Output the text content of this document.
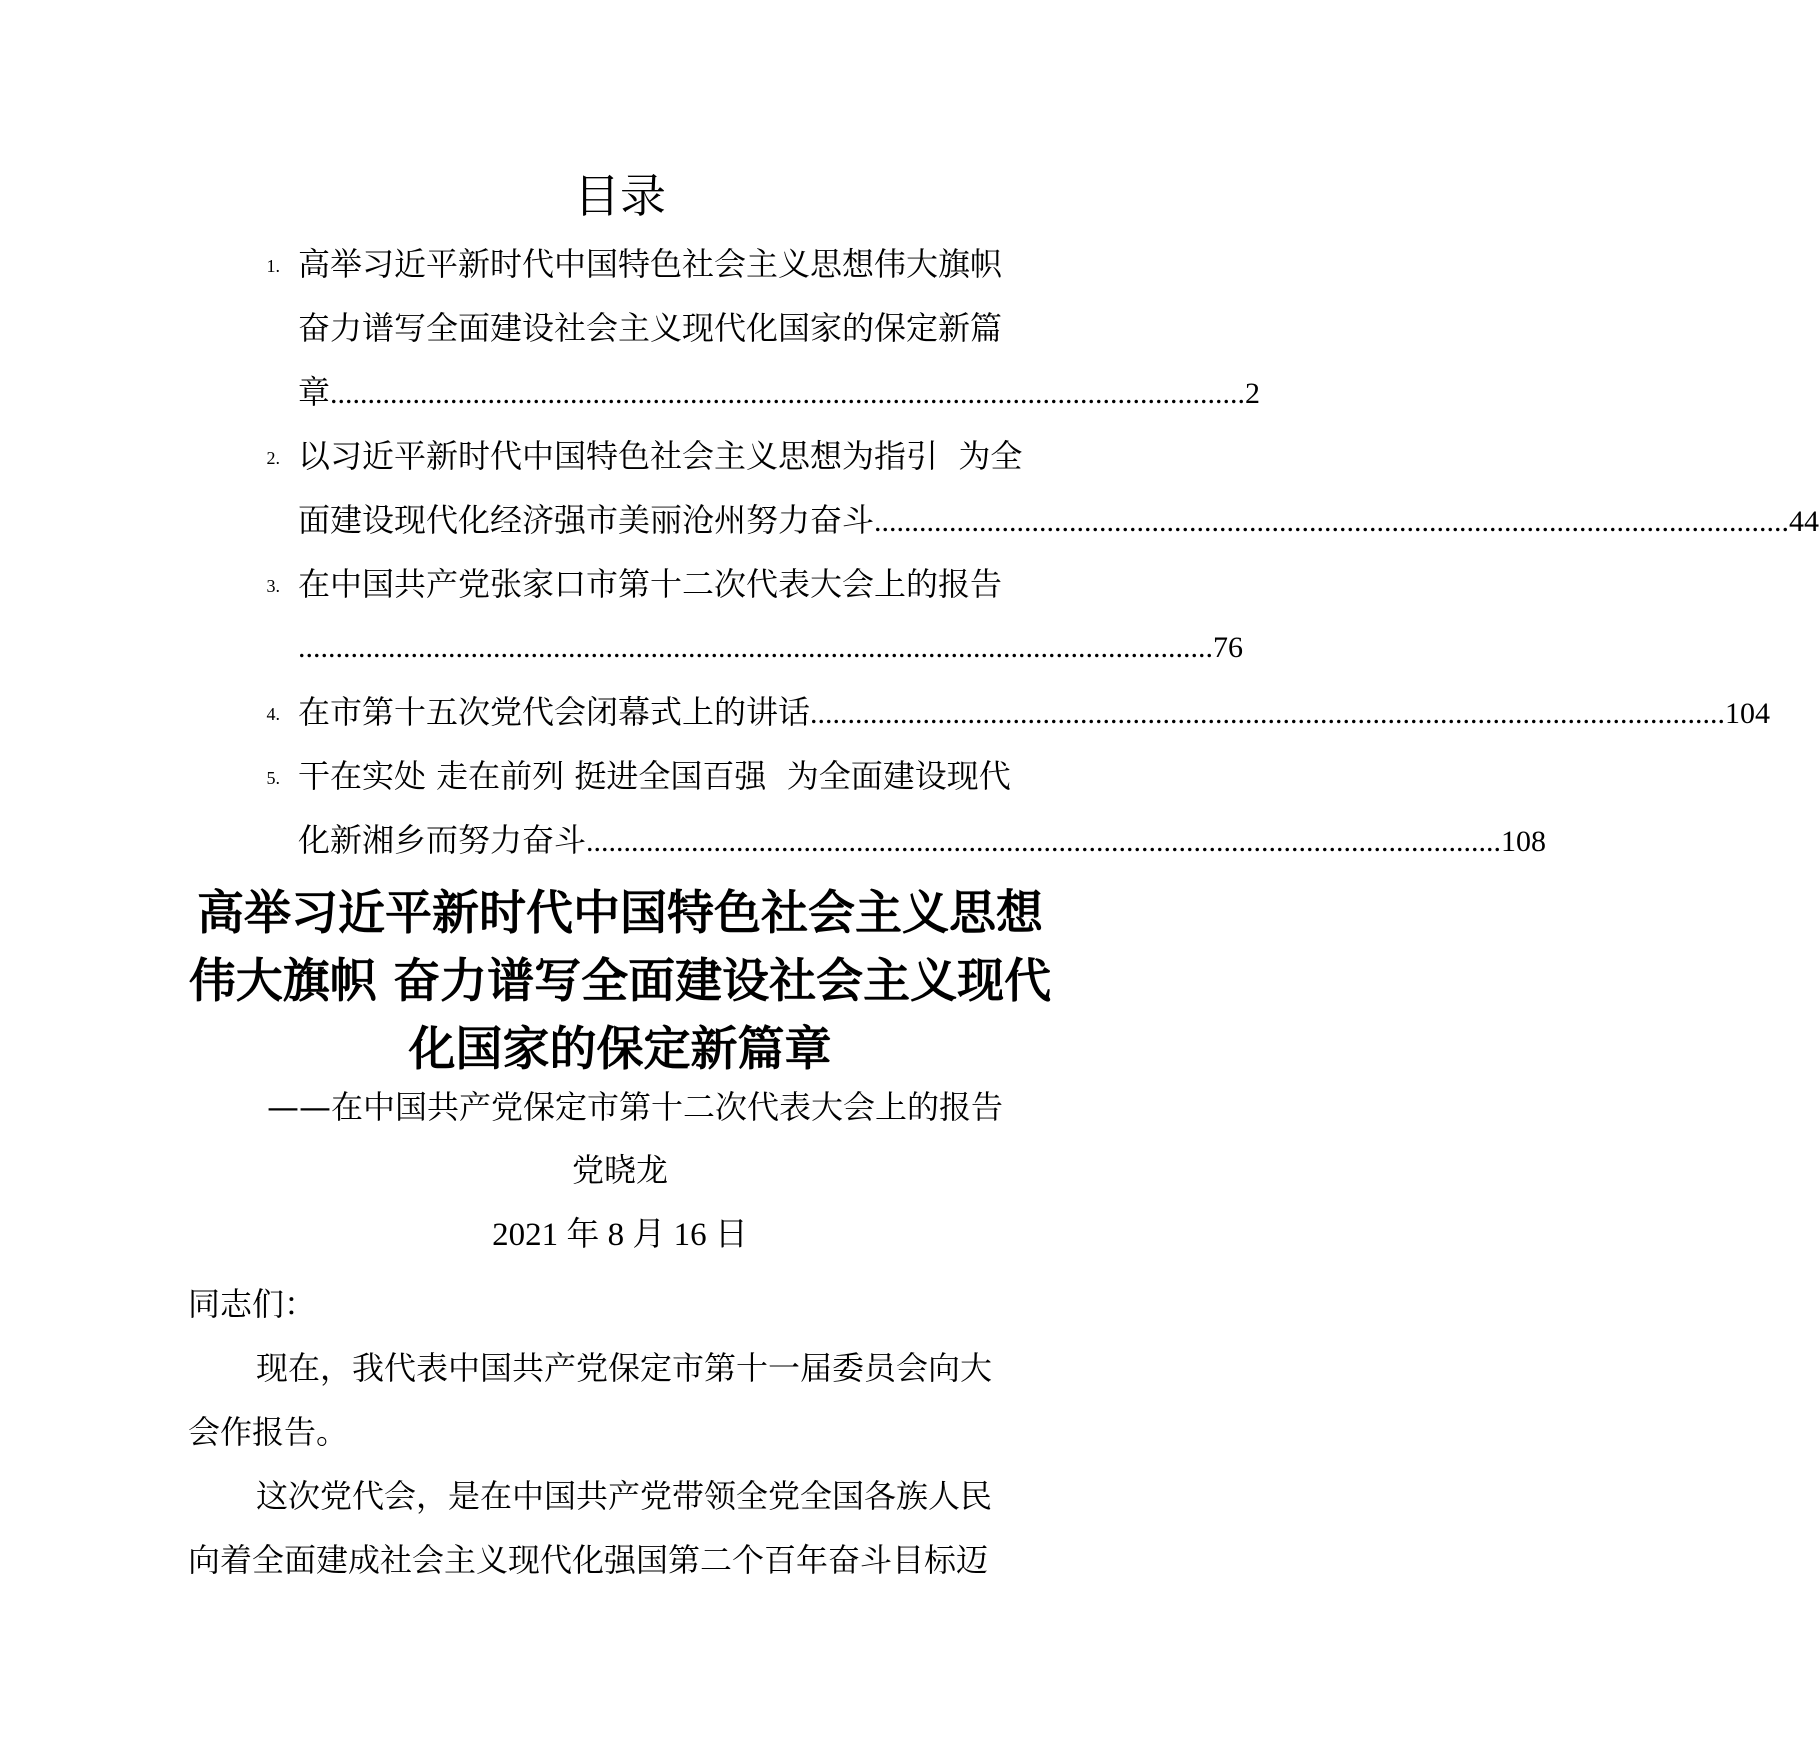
目录
1. 高举习近平新时代中国特色社会主义思想伟大旗帜
奋力谱写全面建设社会主义现代化国家的保定新篇
章 .......................................................................................................................... 2
2. 以习近平新时代中国特色社会主义思想为指引  为全
面建设现代化经济强市美丽沧州努力奋斗 .......................................................................................................................... 44
3. 在中国共产党张家口市第十二次代表大会上的报告
.......................................................................................................................... 76
4. 在市第十五次党代会闭幕式上的讲话 .......................................................................................................................... 104
5. 干在实处 走在前列 挺进全国百强  为全面建设现代
化新湘乡而努力奋斗 .......................................................................................................................... 108
高举习近平新时代中国特色社会主义思想
伟大旗帜 奋力谱写全面建设社会主义现代
化国家的保定新篇章
——在中国共产党保定市第十二次代表大会上的报告
党晓龙
2021 年 8 月 16 日
同志们：
现在，我代表中国共产党保定市第十一届委员会向大
会作报告。
这次党代会，是在中国共产党带领全党全国各族人民
向着全面建成社会主义现代化强国第二个百年奋斗目标迈
